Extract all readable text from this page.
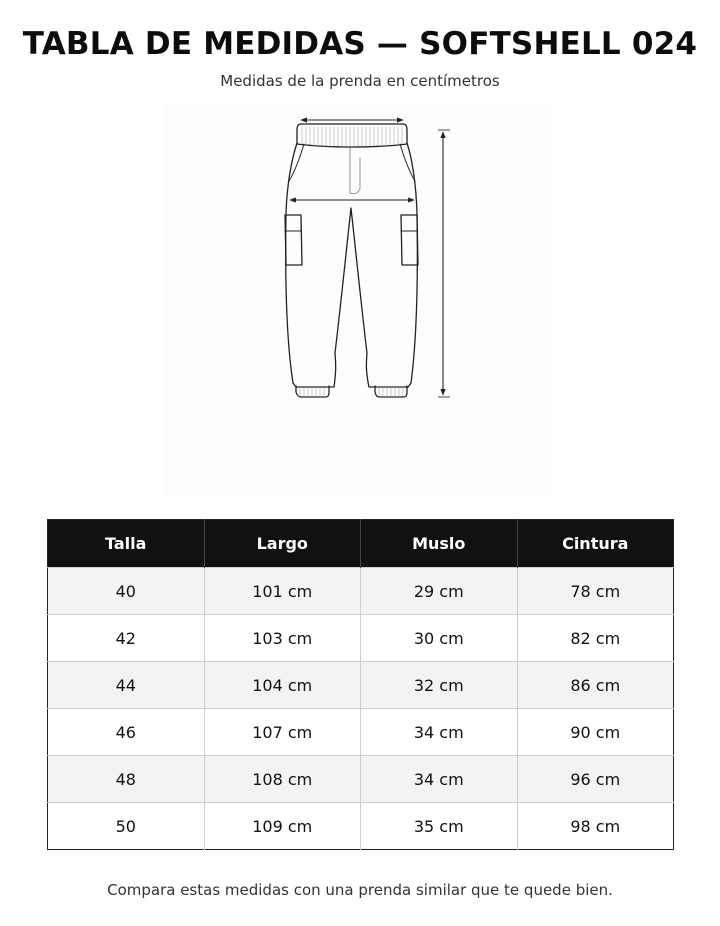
TABLA DE MEDIDAS — SOFTSHELL 024
Medidas de la prenda en centímetros
Talla	Largo	Muslo	Cintura
40	101 cm	29 cm	78 cm
42	103 cm	30 cm	82 cm
44	104 cm	32 cm	86 cm
46	107 cm	34 cm	90 cm
48	108 cm	34 cm	96 cm
50	109 cm	35 cm	98 cm
Compara estas medidas con una prenda similar que te quede bien.
